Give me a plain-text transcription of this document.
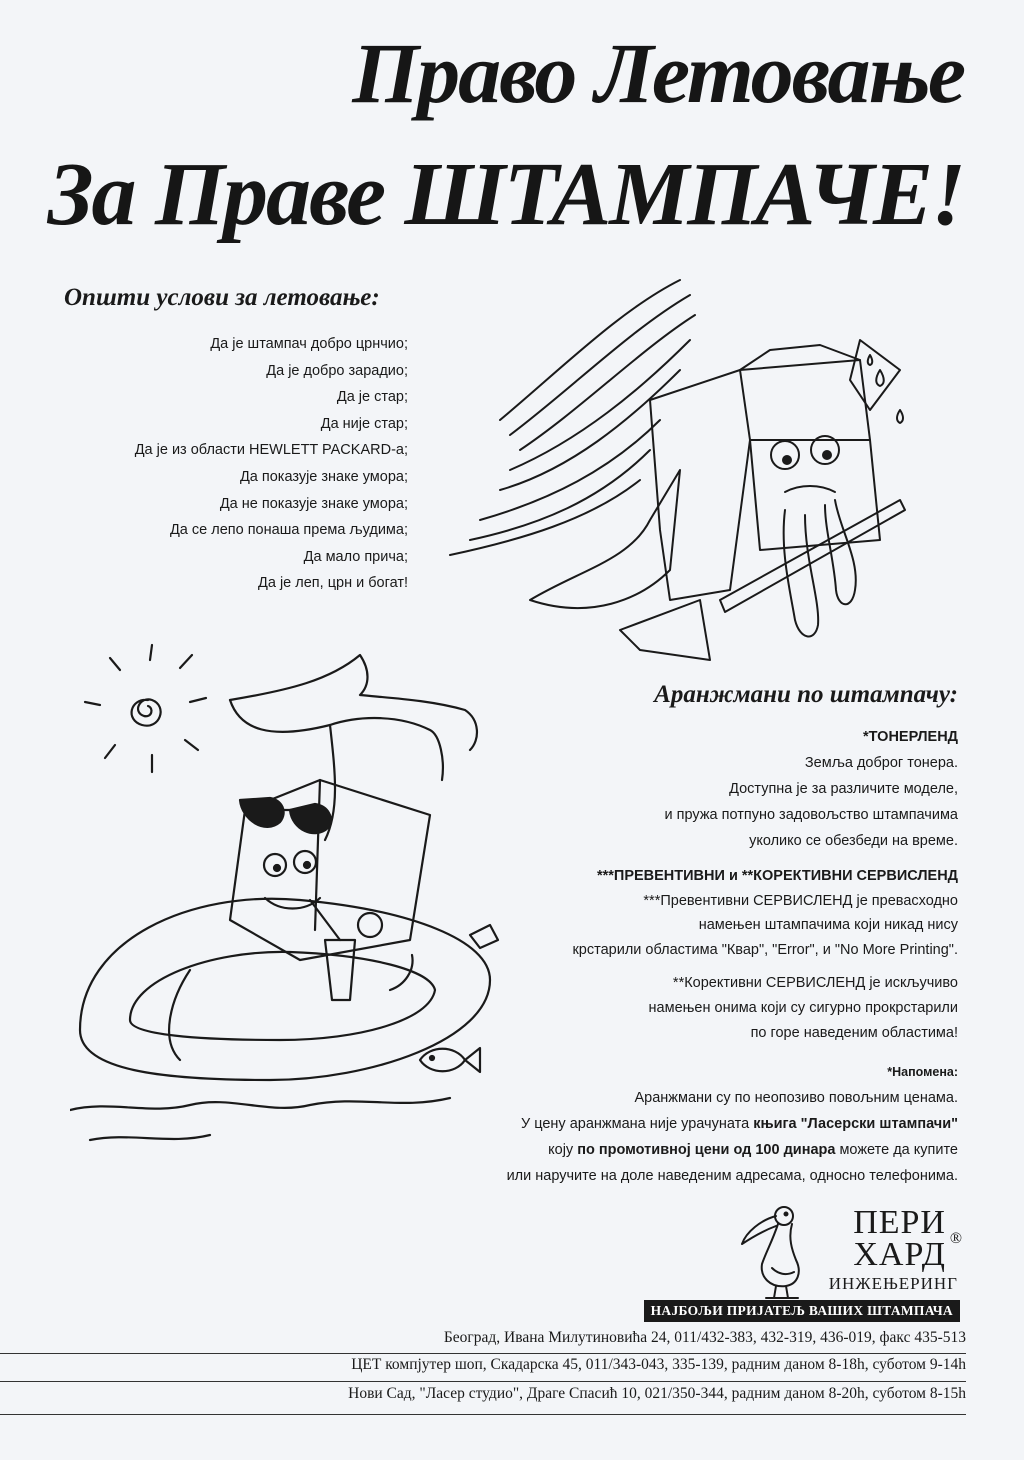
Право Летовање
За Праве ШТАМПАЧЕ!
Општи услови за летовање:
Да је штампач добро црнчио;
Да је добро зарадио;
Да је стар;
Да није стар;
Да је из области HEWLETT PACKARD-а;
Да показује знаке умора;
Да не показује знаке умора;
Да се лепо понаша према људима;
Да мало прича;
Да је леп, црн и богат!
Аранжмани по штампачу:
*ТОНЕРЛЕНД
Земља доброг тонера.
Доступна је за различите моделе,
и пружа потпуно задовољство штампачима
уколико се обезбеди на време.
***ПРЕВЕНТИВНИ и **КОРЕКТИВНИ СЕРВИСЛЕНД
***Превентивни СЕРВИСЛЕНД је превасходно
намењен штампачима који никад нису
крстарили областима "Квар", "Error", и "No More Printing".
**Корективни СЕРВИСЛЕНД је искључиво
намењен онима који су сигурно прокрстарили
по горе наведеним областима!
*Напомена:
Аранжмани су по неопозиво повољним ценама.
У цену аранжмана није урачуната књига "Ласерски штампачи"
коју по промотивној цени од 100 динара можете да купите
или наручите на доле наведеним адресама, односно телефонима.
ПЕРИ ®
ХАРД
ИНЖЕЊЕРИНГ
НАЈБОЉИ ПРИЈАТЕЉ ВАШИХ ШТАМПАЧА
Београд, Ивана Милутиновића 24, 011/432-383, 432-319, 436-019, факс 435-513
ЦЕТ компјутер шоп, Скадарска 45, 011/343-043, 335-139, радним даном 8-18h, суботом 9-14h
Нови Сад, "Ласер студио", Драге Спасић 10, 021/350-344, радним даном 8-20h, суботом 8-15h
